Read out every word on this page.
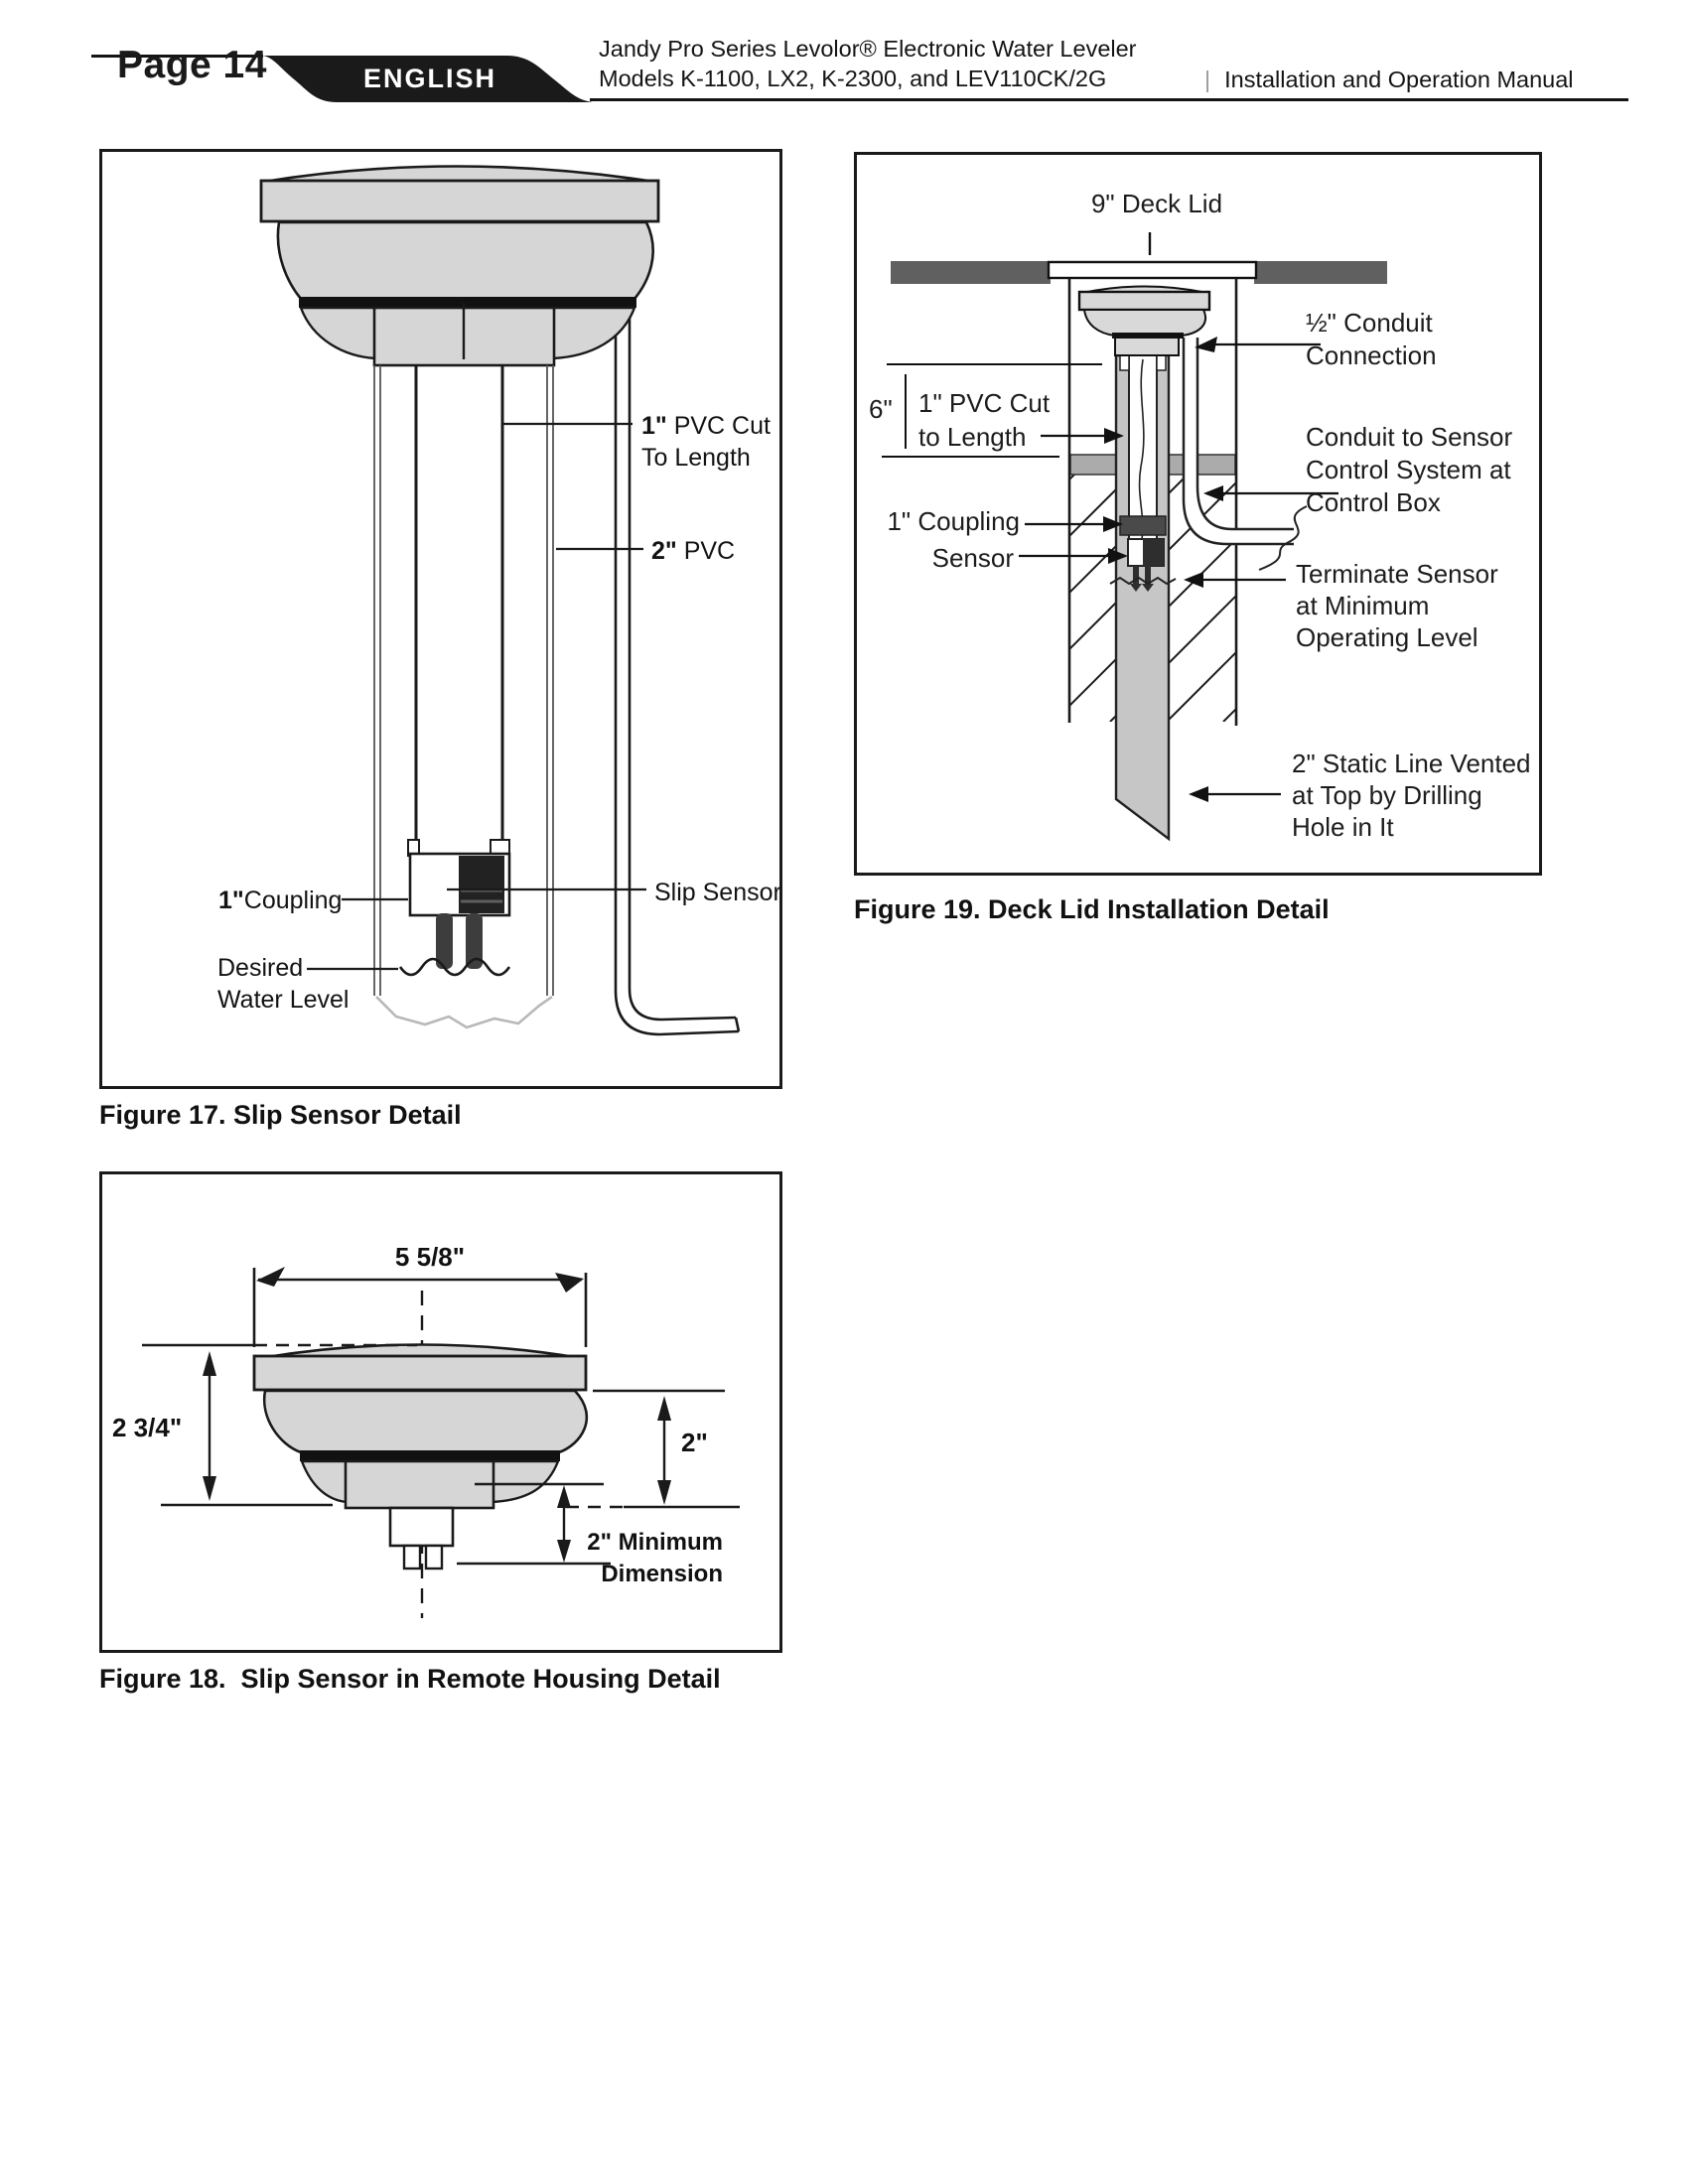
Page 14	ENGLISH
Jandy Pro Series Levolor® Electronic Water Leveler
Models K-1100, LX2, K-2300, and LEV110CK/2G	| Installation and Operation Manual
1" PVC Cut
To Length
2" PVC
1"Coupling	Slip Sensor
Desired
Water Level
Figure 17. Slip Sensor Detail
5 5/8"
2 3/4"	2"
2" Minimum
Dimension
Figure 18.  Slip Sensor in Remote Housing Detail
9" Deck Lid
½" Conduit
Connection
6" 1" PVC Cut
to Length
1" Coupling
Sensor
Conduit to Sensor
Control System at
Control Box
Terminate Sensor
at Minimum
Operating Level
2" Static Line Vented
at Top by Drilling
Hole in It
Figure 19. Deck Lid Installation Detail
